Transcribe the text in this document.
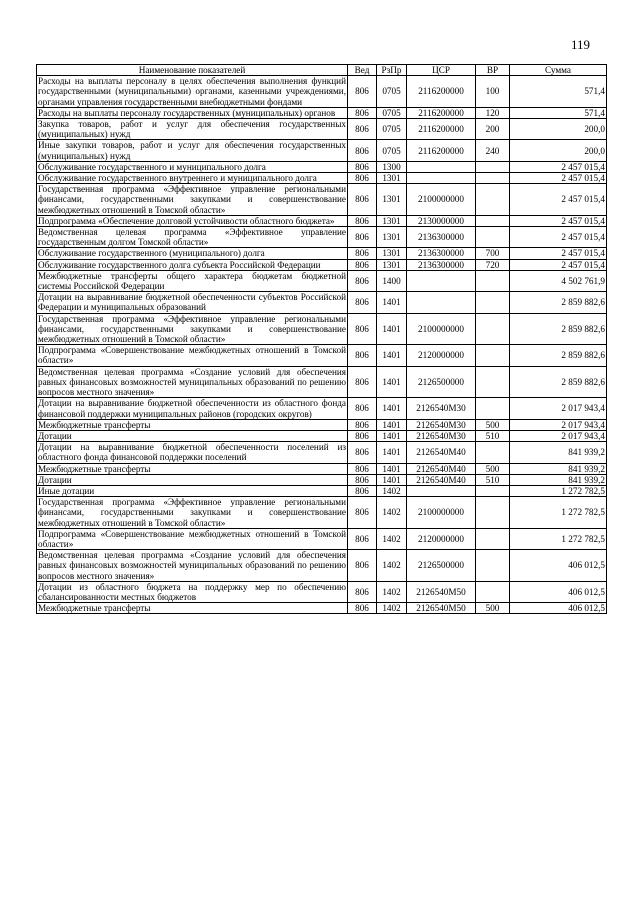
119
Наименование показателей	Вед	РзПр	ЦСР	ВР	Сумма
Расходы на выплаты персоналу в целях обеспечения выполнения функций государственными (муниципальными) органами, казенными учреждениями, органами управления государственными внебюджетными фондами	806	0705	2116200000	100	571,4
Расходы на выплаты персоналу государственных (муниципальных) органов	806	0705	2116200000	120	571,4
Закупка товаров, работ и услуг для обеспечения государственных (муниципальных) нужд	806	0705	2116200000	200	200,0
Иные закупки товаров, работ и услуг для обеспечения государственных (муниципальных) нужд	806	0705	2116200000	240	200,0
Обслуживание государственного и муниципального долга	806	1300			2 457 015,4
Обслуживание государственного внутреннего и муниципального долга	806	1301			2 457 015,4
Государственная программа «Эффективное управление региональными финансами, государственными закупками и совершенствование межбюджетных отношений в Томской области»	806	1301	2100000000		2 457 015,4
Подпрограмма «Обеспечение долговой устойчивости областного бюджета»	806	1301	2130000000		2 457 015,4
Ведомственная целевая программа «Эффективное управление государственным долгом Томской области»	806	1301	2136300000		2 457 015,4
Обслуживание государственного (муниципального) долга	806	1301	2136300000	700	2 457 015,4
Обслуживание государственного долга субъекта Российской Федерации	806	1301	2136300000	720	2 457 015,4
Межбюджетные трансферты общего характера бюджетам бюджетной системы Российской Федерации	806	1400			4 502 761,9
Дотации на выравнивание бюджетной обеспеченности субъектов Российской Федерации и муниципальных образований	806	1401			2 859 882,6
Государственная программа «Эффективное управление региональными финансами, государственными закупками и совершенствование межбюджетных отношений в Томской области»	806	1401	2100000000		2 859 882,6
Подпрограмма «Совершенствование межбюджетных отношений в Томской области»	806	1401	2120000000		2 859 882,6
Ведомственная целевая программа «Создание условий для обеспечения равных финансовых возможностей муниципальных образований по решению вопросов местного значения»	806	1401	2126500000		2 859 882,6
Дотации на выравнивание бюджетной обеспеченности из областного фонда финансовой поддержки муниципальных районов (городских округов)	806	1401	2126540М30		2 017 943,4
Межбюджетные трансферты	806	1401	2126540М30	500	2 017 943,4
Дотации	806	1401	2126540М30	510	2 017 943,4
Дотации на выравнивание бюджетной обеспеченности поселений из областного фонда финансовой поддержки поселений	806	1401	2126540М40		841 939,2
Межбюджетные трансферты	806	1401	2126540М40	500	841 939,2
Дотации	806	1401	2126540М40	510	841 939,2
Иные дотации	806	1402			1 272 782,5
Государственная программа «Эффективное управление региональными финансами, государственными закупками и совершенствование межбюджетных отношений в Томской области»	806	1402	2100000000		1 272 782,5
Подпрограмма «Совершенствование межбюджетных отношений в Томской области»	806	1402	2120000000		1 272 782,5
Ведомственная целевая программа «Создание условий для обеспечения равных финансовых возможностей муниципальных образований по решению вопросов местного значения»	806	1402	2126500000		406 012,5
Дотации из областного бюджета на поддержку мер по обеспечению сбалансированности местных бюджетов	806	1402	2126540М50		406 012,5
Межбюджетные трансферты	806	1402	2126540М50	500	406 012,5
